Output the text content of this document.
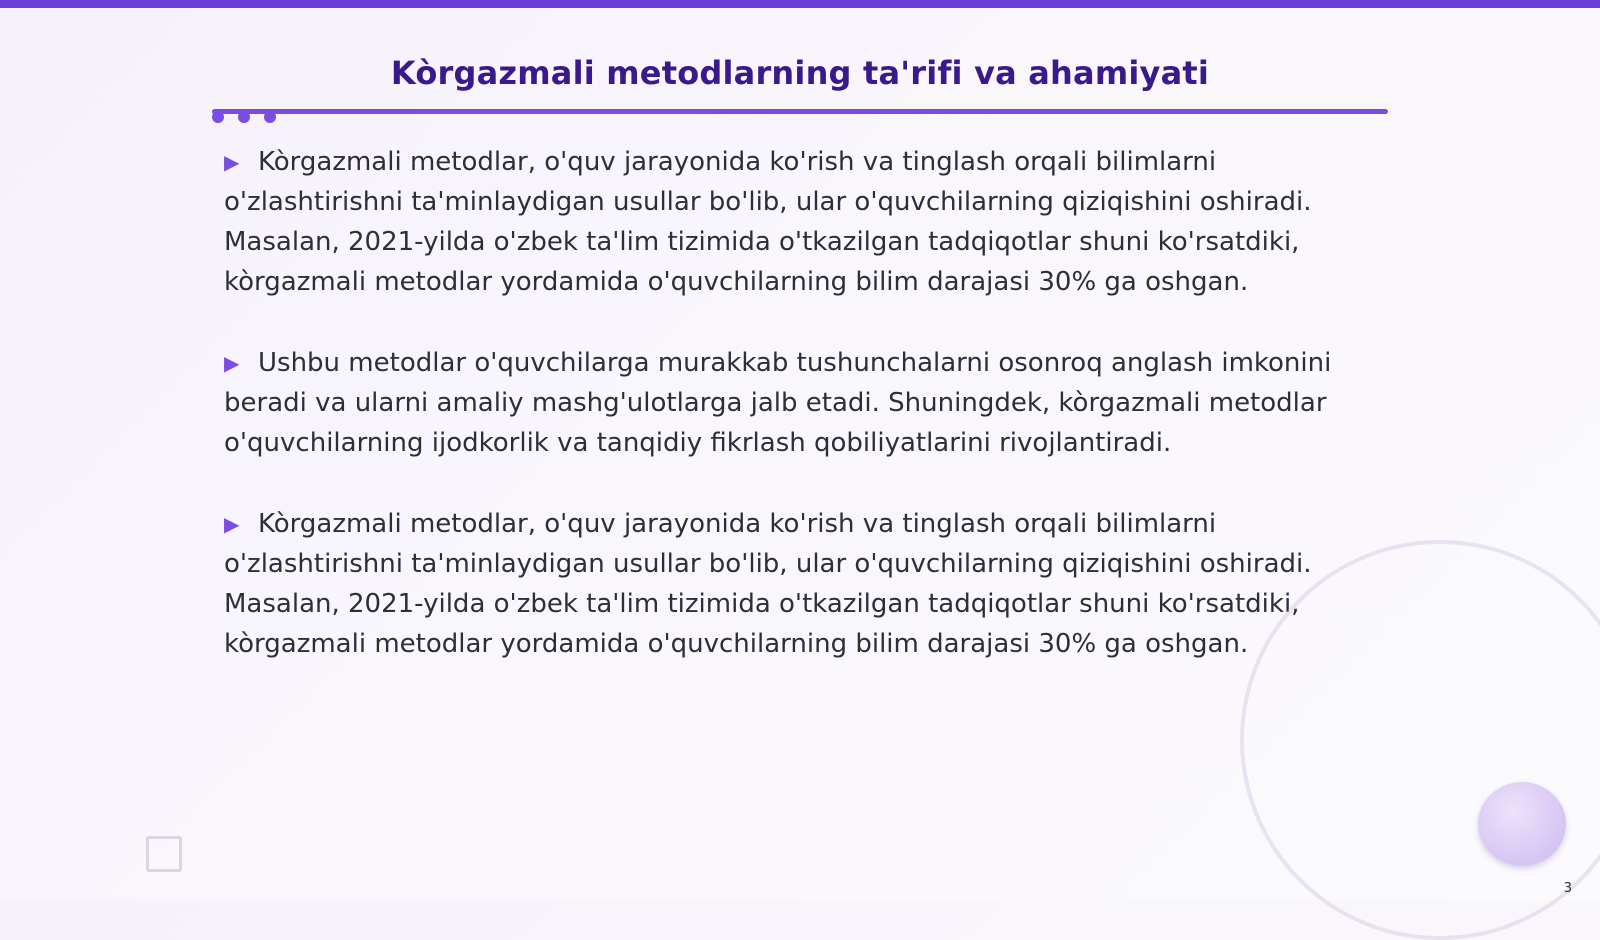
Kòrgazmali metodlarning ta'rifi va ahamiyati

▶ Kòrgazmali metodlar, o'quv jarayonida ko'rish va tinglash orqali bilimlarni o'zlashtirishni ta'minlaydigan usullar bo'lib, ular o'quvchilarning qiziqishini oshiradi. Masalan, 2021-yilda o'zbek ta'lim tizimida o'tkazilgan tadqiqotlar shuni ko'rsatdiki, kòrgazmali metodlar yordamida o'quvchilarning bilim darajasi 30% ga oshgan.

▶ Ushbu metodlar o'quvchilarga murakkab tushunchalarni osonroq anglash imkonini beradi va ularni amaliy mashg'ulotlarga jalb etadi. Shuningdek, kòrgazmali metodlar o'quvchilarning ijodkorlik va tanqidiy fikrlash qobiliyatlarini rivojlantiradi.

▶ Kòrgazmali metodlar, o'quv jarayonida ko'rish va tinglash orqali bilimlarni o'zlashtirishni ta'minlaydigan usullar bo'lib, ular o'quvchilarning qiziqishini oshiradi. Masalan, 2021-yilda o'zbek ta'lim tizimida o'tkazilgan tadqiqotlar shuni ko'rsatdiki, kòrgazmali metodlar yordamida o'quvchilarning bilim darajasi 30% ga oshgan.

3
